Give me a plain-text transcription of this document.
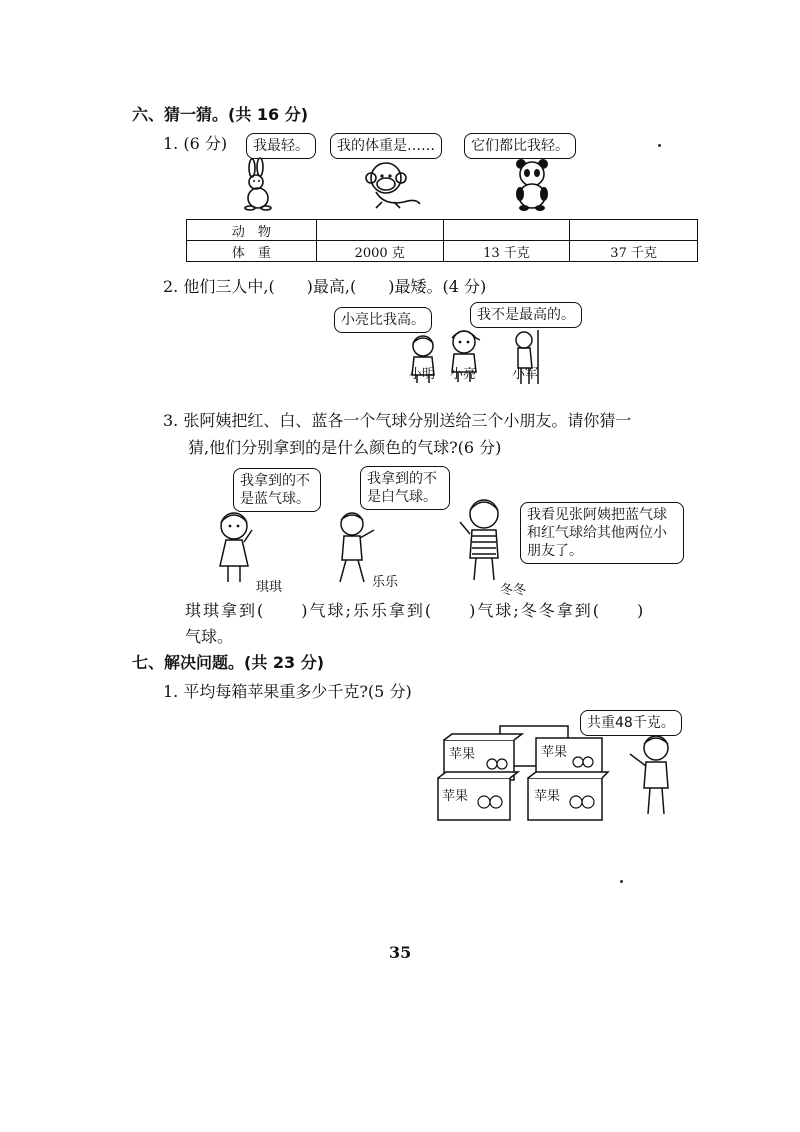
六、猜一猜。(共 16 分)
1. (6 分)	我最轻。	我的体重是……	它们都比我轻。
动　物			
体　重	2000 克	13 千克	37 千克
2. 他们三人中,(　　)最高,(　　)最矮。(4 分)
小亮比我高。	我不是最高的。
小明 小亮	小军
3. 张阿姨把红、白、蓝各一个气球分别送给三个小朋友。请你猜一
猜,他们分别拿到的是什么颜色的气球?(6 分)
我拿到的不是蓝气球。
我拿到的不是白气球。
我看见张阿姨把蓝气球和红气球给其他两位小朋友了。
琪琪	乐乐
冬冬
琪琪拿到(　　)气球;乐乐拿到(　　)气球;冬冬拿到(　　)
气球。
七、解决问题。(共 23 分)
1. 平均每箱苹果重多少千克?(5 分)
苹果	苹果
苹果	苹果
共重48千克。
35
